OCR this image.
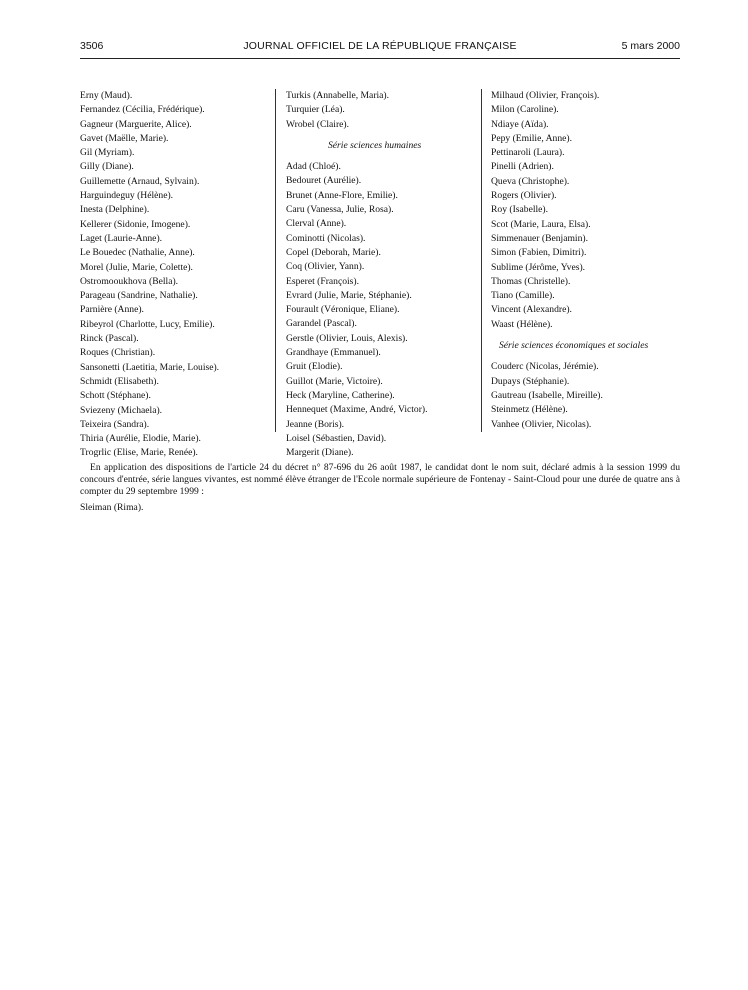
3506	JOURNAL OFFICIEL DE LA RÉPUBLIQUE FRANÇAISE	5 mars 2000
Erny (Maud).
Fernandez (Cécilia, Frédérique).
Gagneur (Marguerite, Alice).
Gavet (Maëlle, Marie).
Gil (Myriam).
Gilly (Diane).
Guillemette (Arnaud, Sylvain).
Harguindeguy (Hélène).
Inesta (Delphine).
Kellerer (Sidonie, Imogene).
Laget (Laurie-Anne).
Le Bouedec (Nathalie, Anne).
Morel (Julie, Marie, Colette).
Ostromooukhova (Bella).
Parageau (Sandrine, Nathalie).
Parnière (Anne).
Ribeyrol (Charlotte, Lucy, Emilie).
Rinck (Pascal).
Roques (Christian).
Sansonetti (Laetitia, Marie, Louise).
Schmidt (Elisabeth).
Schott (Stéphane).
Sviezeny (Michaela).
Teixeira (Sandra).
Thiria (Aurélie, Elodie, Marie).
Trogrlic (Elise, Marie, Renée).
Turkis (Annabelle, Maria).
Turquier (Léa).
Wrobel (Claire).
Série sciences humaines
Adad (Chloé).
Bedouret (Aurélie).
Brunet (Anne-Flore, Emilie).
Caru (Vanessa, Julie, Rosa).
Clerval (Anne).
Cominotti (Nicolas).
Copel (Deborah, Marie).
Coq (Olivier, Yann).
Esperet (François).
Evrard (Julie, Marie, Stéphanie).
Fourault (Véronique, Eliane).
Garandel (Pascal).
Gerstle (Olivier, Louis, Alexis).
Grandhaye (Emmanuel).
Gruit (Elodie).
Guillot (Marie, Victoire).
Heck (Maryline, Catherine).
Hennequet (Maxime, André, Victor).
Jeanne (Boris).
Loisel (Sébastien, David).
Margerit (Diane).
Milhaud (Olivier, François).
Milon (Caroline).
Ndiaye (Aïda).
Pepy (Emilie, Anne).
Pettinaroli (Laura).
Pinelli (Adrien).
Queva (Christophe).
Rogers (Olivier).
Roy (Isabelle).
Scot (Marie, Laura, Elsa).
Simmenauer (Benjamin).
Simon (Fabien, Dimitri).
Sublime (Jérôme, Yves).
Thomas (Christelle).
Tiano (Camille).
Vincent (Alexandre).
Waast (Hélène).
Série sciences économiques et sociales
Couderc (Nicolas, Jérémie).
Dupays (Stéphanie).
Gautreau (Isabelle, Mireille).
Steinmetz (Hélène).
Vanhee (Olivier, Nicolas).
En application des dispositions de l'article 24 du décret n° 87-696 du 26 août 1987, le candidat dont le nom suit, déclaré admis à la session 1999 du concours d'entrée, série langues vivantes, est nommé élève étranger de l'Ecole normale supérieure de Fontenay - Saint-Cloud pour une durée de quatre ans à compter du 29 septembre 1999 :
Sleiman (Rima).
